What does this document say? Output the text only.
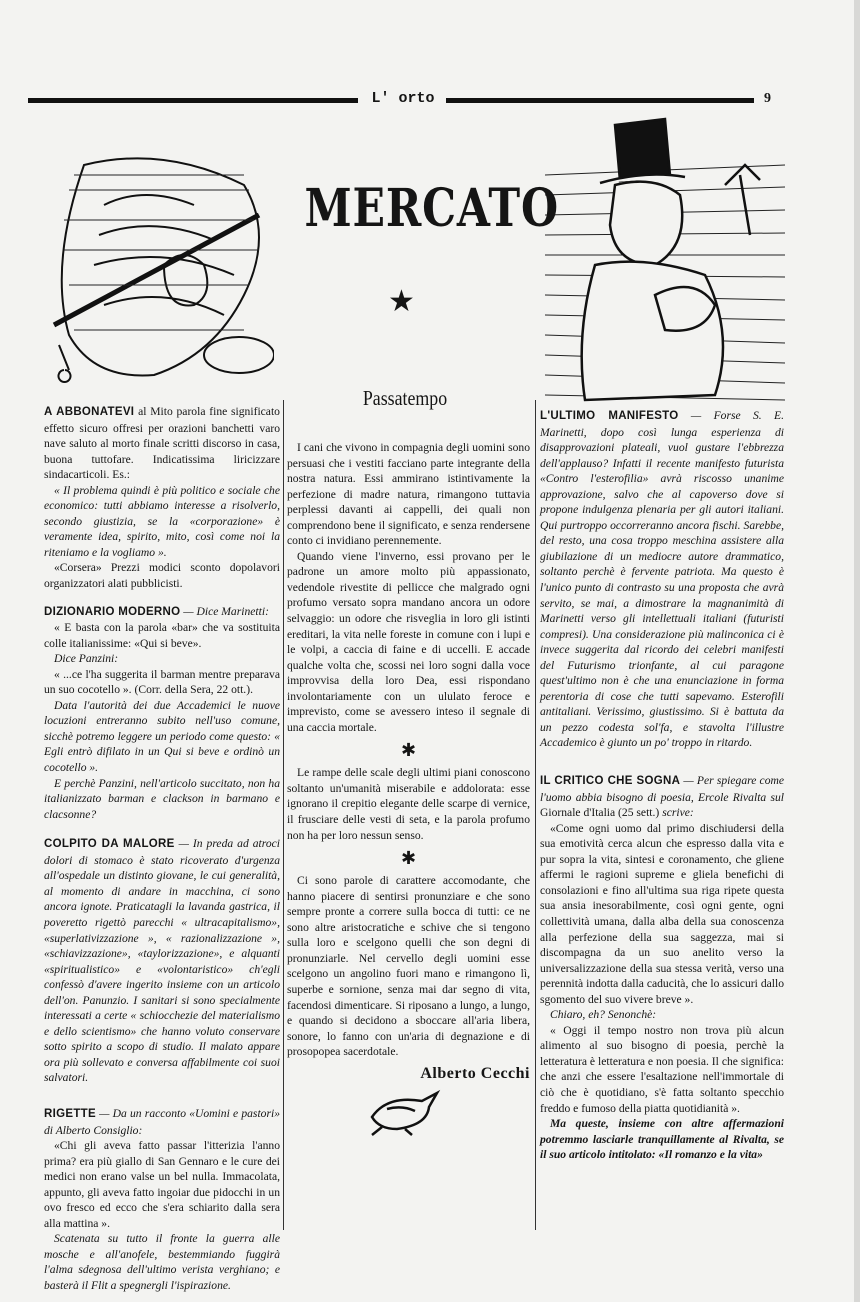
L' orto	9
MERCATO
★
Passatempo

A ABBONATEVI al Mito parola fine significato effetto sicuro offresi per orazioni banchetti varo nave saluto al morto finale scritti discorso in casa, buona tuttofare. Indicatissima liricizzare sindacarticoli. Es.:

« Il problema quindi è più politico e sociale che economico: tutti abbiamo interesse a risolverlo, secondo giustizia, se la «corporazione» è veramente idea, spirito, mito, così come noi la riteniamo e la vogliamo ».

«Corsera» Prezzi modici sconto dopolavori organizzatori alati pubblicisti.

DIZIONARIO MODERNO — Dice Marinetti:

« E basta con la parola «bar» che va sostituita colle italianissime: «Qui si beve».

Dice Panzini:

« ...ce l'ha suggerita il barman mentre preparava un suo cocotello ». (Corr. della Sera, 22 ott.).

Data l'autorità dei due Accademici le nuove locuzioni entreranno subito nell'uso comune, sicchè potremo leggere un periodo come questo: « Egli entrò difilato in un Qui si beve e ordinò un cocotello ».

E perchè Panzini, nell'articolo succitato, non ha italianizzato barman e clackson in barmano e clacsonne?

COLPITO DA MALORE — In preda ad atroci dolori di stomaco è stato ricoverato d'urgenza all'ospedale un distinto giovane, le cui generalità, al momento di andare in macchina, ci sono ancora ignote. Praticatagli la lavanda gastrica, il poveretto rigettò parecchi « ultracapitalismo», «superlativizzazione », « razionalizzazione », «schiavizzazione», «taylorizzazione», e alquanti «spiritualistico» e «volontaristico» ch'egli confessò d'avere ingerito insieme con un articolo dell'on. Panunzio. I sanitari si sono specialmente interessati a certe « schiocchezie del materialismo e dello scientismo» che hanno voluto conservare sotto spirito a scopo di studio. Il malato appare ora più sollevato e conversa affabilmente coi suoi salvatori.

RIGETTE — Da un racconto «Uomini e pastori» di Alberto Consiglio:

«Chi gli aveva fatto passar l'itterizia l'anno prima? era più giallo di San Gennaro e le cure dei medici non erano valse un bel nulla. Immacolata, appunto, gli aveva fatto ingoiar due pidocchi in un ovo fresco ed ecco che s'era schiarito dalla sera alla mattina ».

Scatenata su tutto il fronte la guerra alle mosche e all'anofele, bestemmiando fuggirà l'alma sdegnosa dell'ultimo verista verghiano; e basterà il Flit a spegnergli l'ispirazione.

I cani che vivono in compagnia degli uomini sono persuasi che i vestiti facciano parte integrante della nostra natura. Essi ammirano istintivamente la perfezione di madre natura, rimangono tuttavia perplessi davanti ai cappelli, dei quali non comprendono bene il significato, e senza rendersene conto ci invidiano perennemente.

Quando viene l'inverno, essi provano per le padrone un amore molto più appassionato, vedendole rivestite di pellicce che malgrado ogni profumo versato sopra mandano ancora un odore selvaggio: un odore che risveglia in loro gli istinti ereditari, la vita nelle foreste in comune con i lupi e le volpi, a caccia di faine e di uccelli. E accade qualche volta che, scossi nei loro sogni dalla voce improvvisa della loro Dea, essi rispondano involontariamente con un ululato feroce e imprevisto, come se avessero inteso il segnale di una caccia mortale.

✱

Le rampe delle scale degli ultimi piani conoscono soltanto un'umanità miserabile e addolorata: esse ignorano il crepitio elegante delle scarpe di vernice, il frusciare delle vesti di seta, e la parola profumo non ha per loro nessun senso.

✱

Ci sono parole di carattere accomodante, che hanno piacere di sentirsi pronunziare e che sono sempre pronte a correre sulla bocca di tutti: ce ne sono altre aristocratiche e schive che si tengono sulla loro e scelgono quelli che son degni di pronunziarle. Nel cervello degli uomini esse scelgono un angolino fuori mano e rimangono lì, superbe e sornione, senza mai dar segno di vita, facendosi dimenticare. Si riposano a lungo, a lungo, e quando si decidono a sboccare all'aria libera, sonore, lo fanno con un'aria di degnazione e di prosopopea sacerdotale.

Alberto Cecchi

L'ULTIMO MANIFESTO — Forse S. E. Marinetti, dopo così lunga esperienza di disapprovazioni plateali, vuol gustare l'ebbrezza dell'applauso? Infatti il recente manifesto futurista «Contro l'esterofilia» avrà riscosso unanime approvazione, salvo che al capoverso dove si propone indulgenza plenaria per gli autori italiani. Qui purtroppo occorreranno ancora fischi. Sarebbe, del resto, una cosa troppo meschina assistere alla giubilazione di un mediocre autore drammatico, soltanto perchè è fervente patriota. Ma questo è l'unico punto di contrasto su una proposta che avrà servito, se mai, a dimostrare la magnanimità di Marinetti verso gli intellettuali italiani (futuristi compresi). Una considerazione più malinconica ci è invece suggerita dal ricordo dei celebri manifesti del Futurismo trionfante, al cui paragone quest'ultimo non è che una enunciazione in forma perentoria di cose che tutti sapevamo. Esterofili antitaliani. Verissimo, giustissimo. Si è battuta da un pezzo codesta sol'fa, e stavolta l'illustre Accademico è giunto un po' troppo in ritardo.

IL CRITICO CHE SOGNA — Per spiegare come l'uomo abbia bisogno di poesia, Ercole Rivalta sul Giornale d'Italia (25 sett.) scrive:

«Come ogni uomo dal primo dischiudersi della sua emotività cerca alcun che espresso dalla vita e pur sopra la vita, sintesi e coronamento, che gliene affermi le ragioni supreme e gliela benefichi di consolazioni e fino all'ultima sua riga ripete questa sua ansia inesorabilmente, così ogni gente, ogni collettività umana, dalla alba della sua conoscenza alla perfezione della sua saggezza, mai si discompagna da un suo anelito verso la universalizzazione della sua stessa verità, verso una perennità indotta dalla caducità, che lo assicuri dallo sgomento del suo vivere breve ».

Chiaro, eh? Senonchè:

« Oggi il tempo nostro non trova più alcun alimento al suo bisogno di poesia, perchè la letteratura è letteratura e non poesia. Il che significa: che anzi che essere l'esaltazione nell'immortale di ciò che è quotidiano, s'è fatta soltanto specchio freddo e fumoso della piatta quotidianità ».

Ma queste, insieme con altre affermazioni potremmo lasciarle tranquillamente al Rivalta, se il suo articolo intitolato: «Il romanzo e la vita»
